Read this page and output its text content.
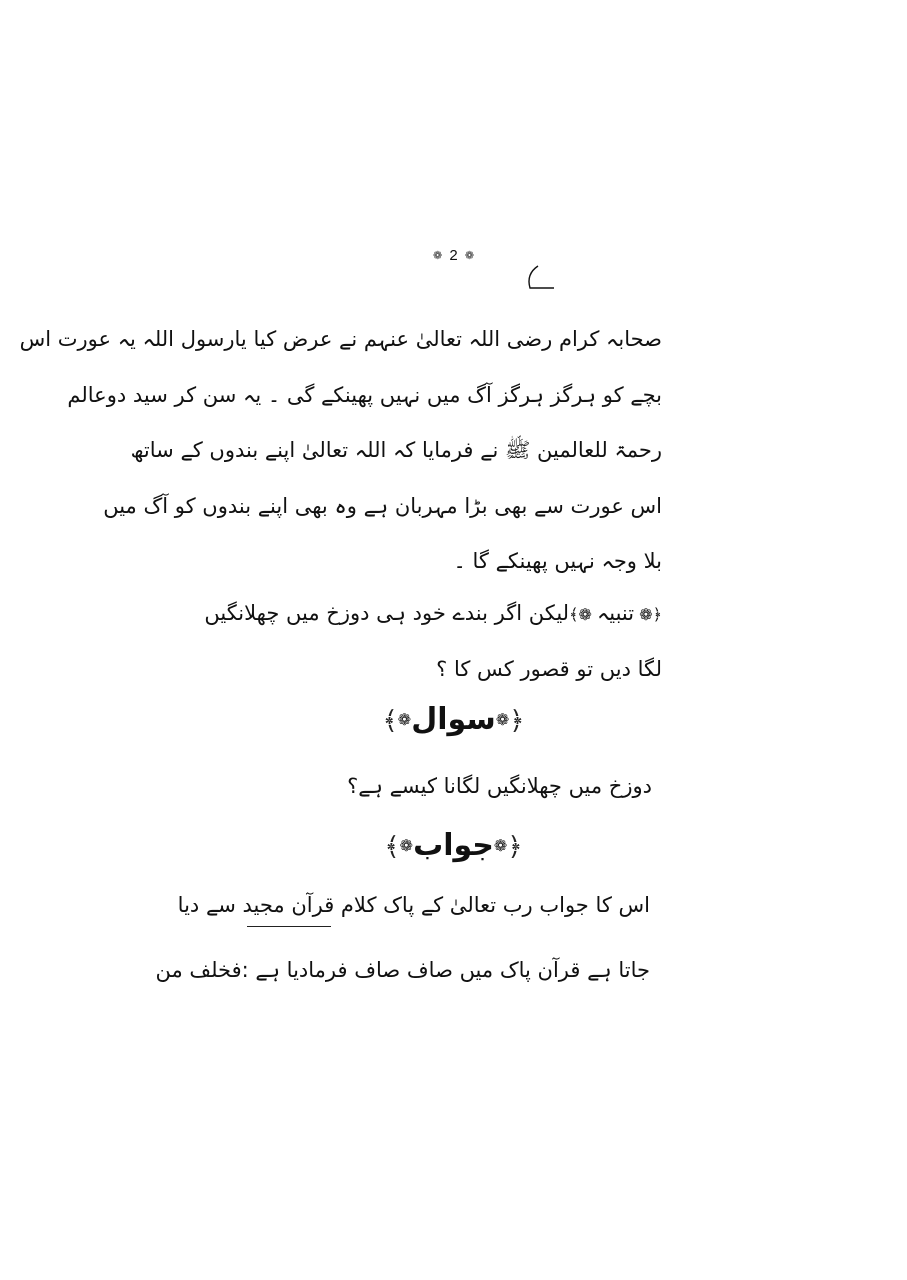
❁ 2 ❁
صحابہ کرام رضی اللہ تعالیٰ عنہم نے عرض کیا یارسول اللہ یہ عورت اس
بچے کو ہرگز ہرگز آگ میں نہیں پھینکے گی ۔ یہ سن کر سید دوعالم
رحمۃ للعالمین ﷺ نے فرمایا کہ اللہ تعالیٰ اپنے بندوں کے ساتھ
اس عورت سے بھی بڑا مہربان ہے وہ بھی اپنے بندوں کو آگ میں
بلا وجہ نہیں پھینکے گا ۔
﴿❁ تنبیہ ❁﴾لیکن اگر بندے خود ہی دوزخ میں چھلانگیں
لگا دیں تو قصور کس کا ؟
﴿❁سوال❁﴾
دوزخ میں چھلانگیں لگانا کیسے ہے؟
﴿❁جواب❁﴾
اس کا جواب رب تعالیٰ کے پاک کلام قرآن مجید سے دیا
جاتا ہے قرآن پاک میں صاف صاف فرمادیا ہے :فخلف من
